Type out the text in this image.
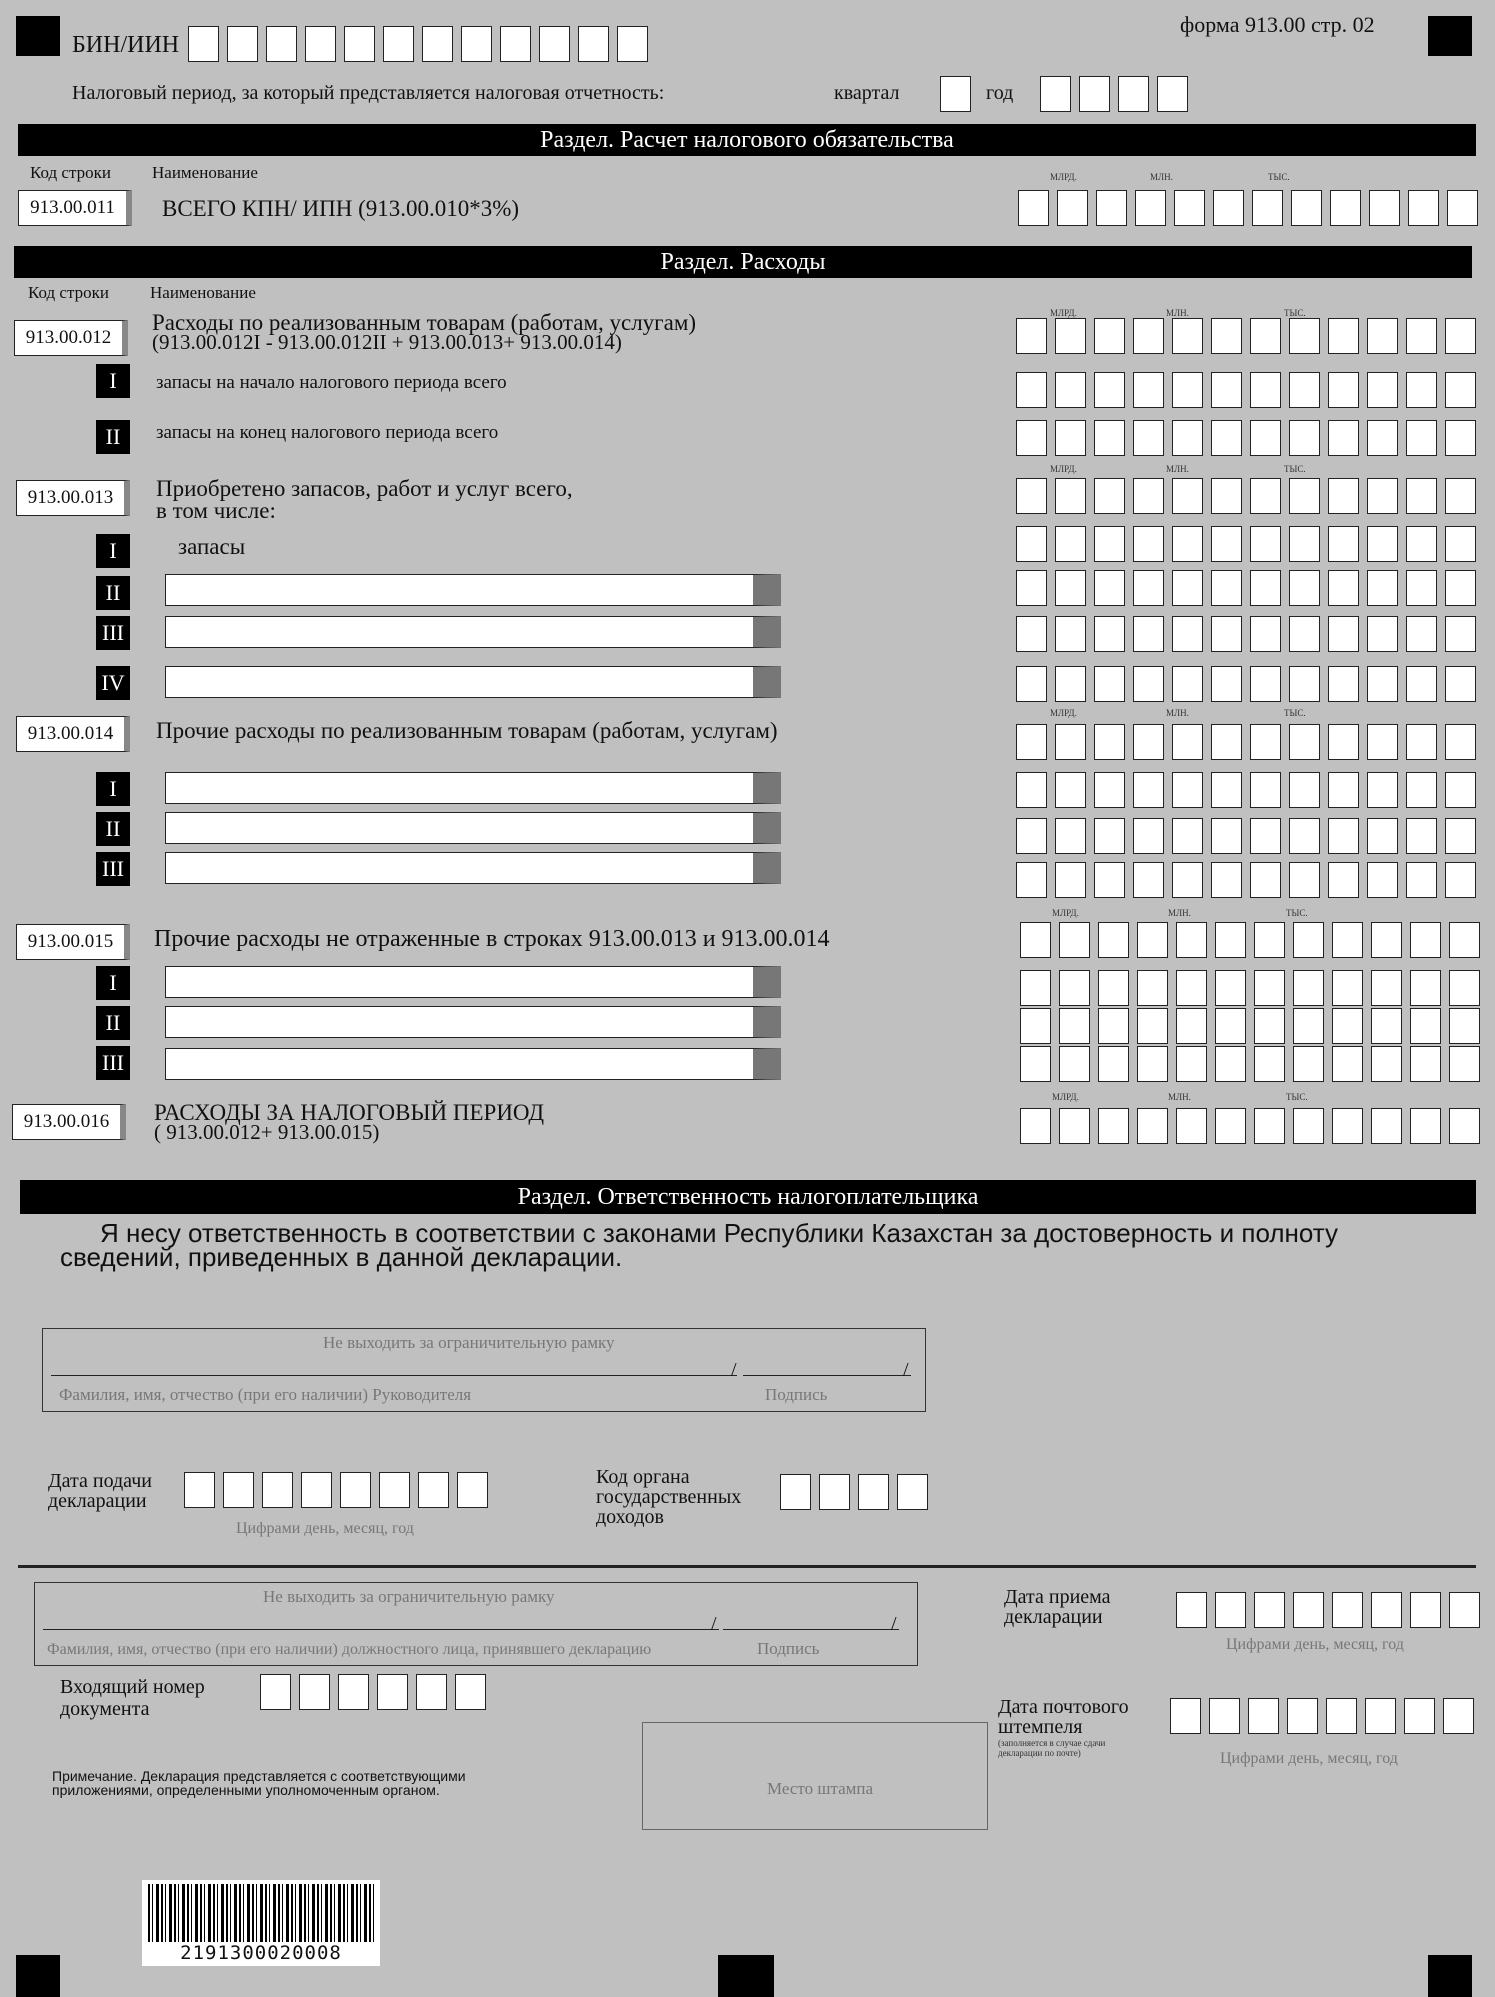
БИН/ИИН
форма 913.00 стр. 02
Налоговый период, за который представляется налоговая отчетность:	квартал	год
Раздел. Расчет налогового обязательства
Код строки Наименование	МЛРД.	МЛН.	ТЫС.
913.00.011	ВСЕГО КПН/ ИПН (913.00.010*3%)
Раздел. Расходы
Код строки Наименование
МЛРД.	МЛН.	ТЫС.
913.00.012
Расходы по реализованным товарам (работам, услугам)
(913.00.012I - 913.00.012II + 913.00.013+ 913.00.014)
I	запасы на начало налогового периода всего
II	запасы на конец налогового периода всего
МЛРД.	МЛН.	ТЫС.
913.00.013	Приобретено запасов, работ и услуг всего,
в том числе:
I	запасы
II
III
IV
МЛРД.	МЛН.	ТЫС.
913.00.014	Прочие расходы по реализованным товарам (работам, услугам)
I
II
III
МЛРД.	МЛН.	ТЫС.
913.00.015	Прочие расходы не отраженные в строках 913.00.013 и 913.00.014
I
II
III
МЛРД.	МЛН.	ТЫС.
913.00.016	РАСХОДЫ ЗА НАЛОГОВЫЙ ПЕРИОД
( 913.00.012+ 913.00.015)
Раздел. Ответственность налогоплательщика
Я несу ответственность в соответствии с законами Республики Казахстан за достоверность и полноту
сведений, приведенных в данной декларации.
Не выходить за ограничительную рамку
/	/
Фамилия, имя, отчество (при его наличии) Руководителя	Подпись
Дата подачи
декларации
Цифрами день, месяц, год
Код органа
государственных
доходов
Не выходить за ограничительную рамку
/	/
Фамилия, имя, отчество (при его наличии) должностного лица, принявшего декларацию	Подпись
Дата приема
декларации
Цифрами день, месяц, год
Входящий номер
документа	Дата почтового
штемпеля
(заполняется в случае сдачи
декларации по почте)	Цифрами день, месяц, год
Место штампа
Примечание. Декларация представляется с соответствующими
приложениями, определенными уполномоченным органом.
2191300020008
